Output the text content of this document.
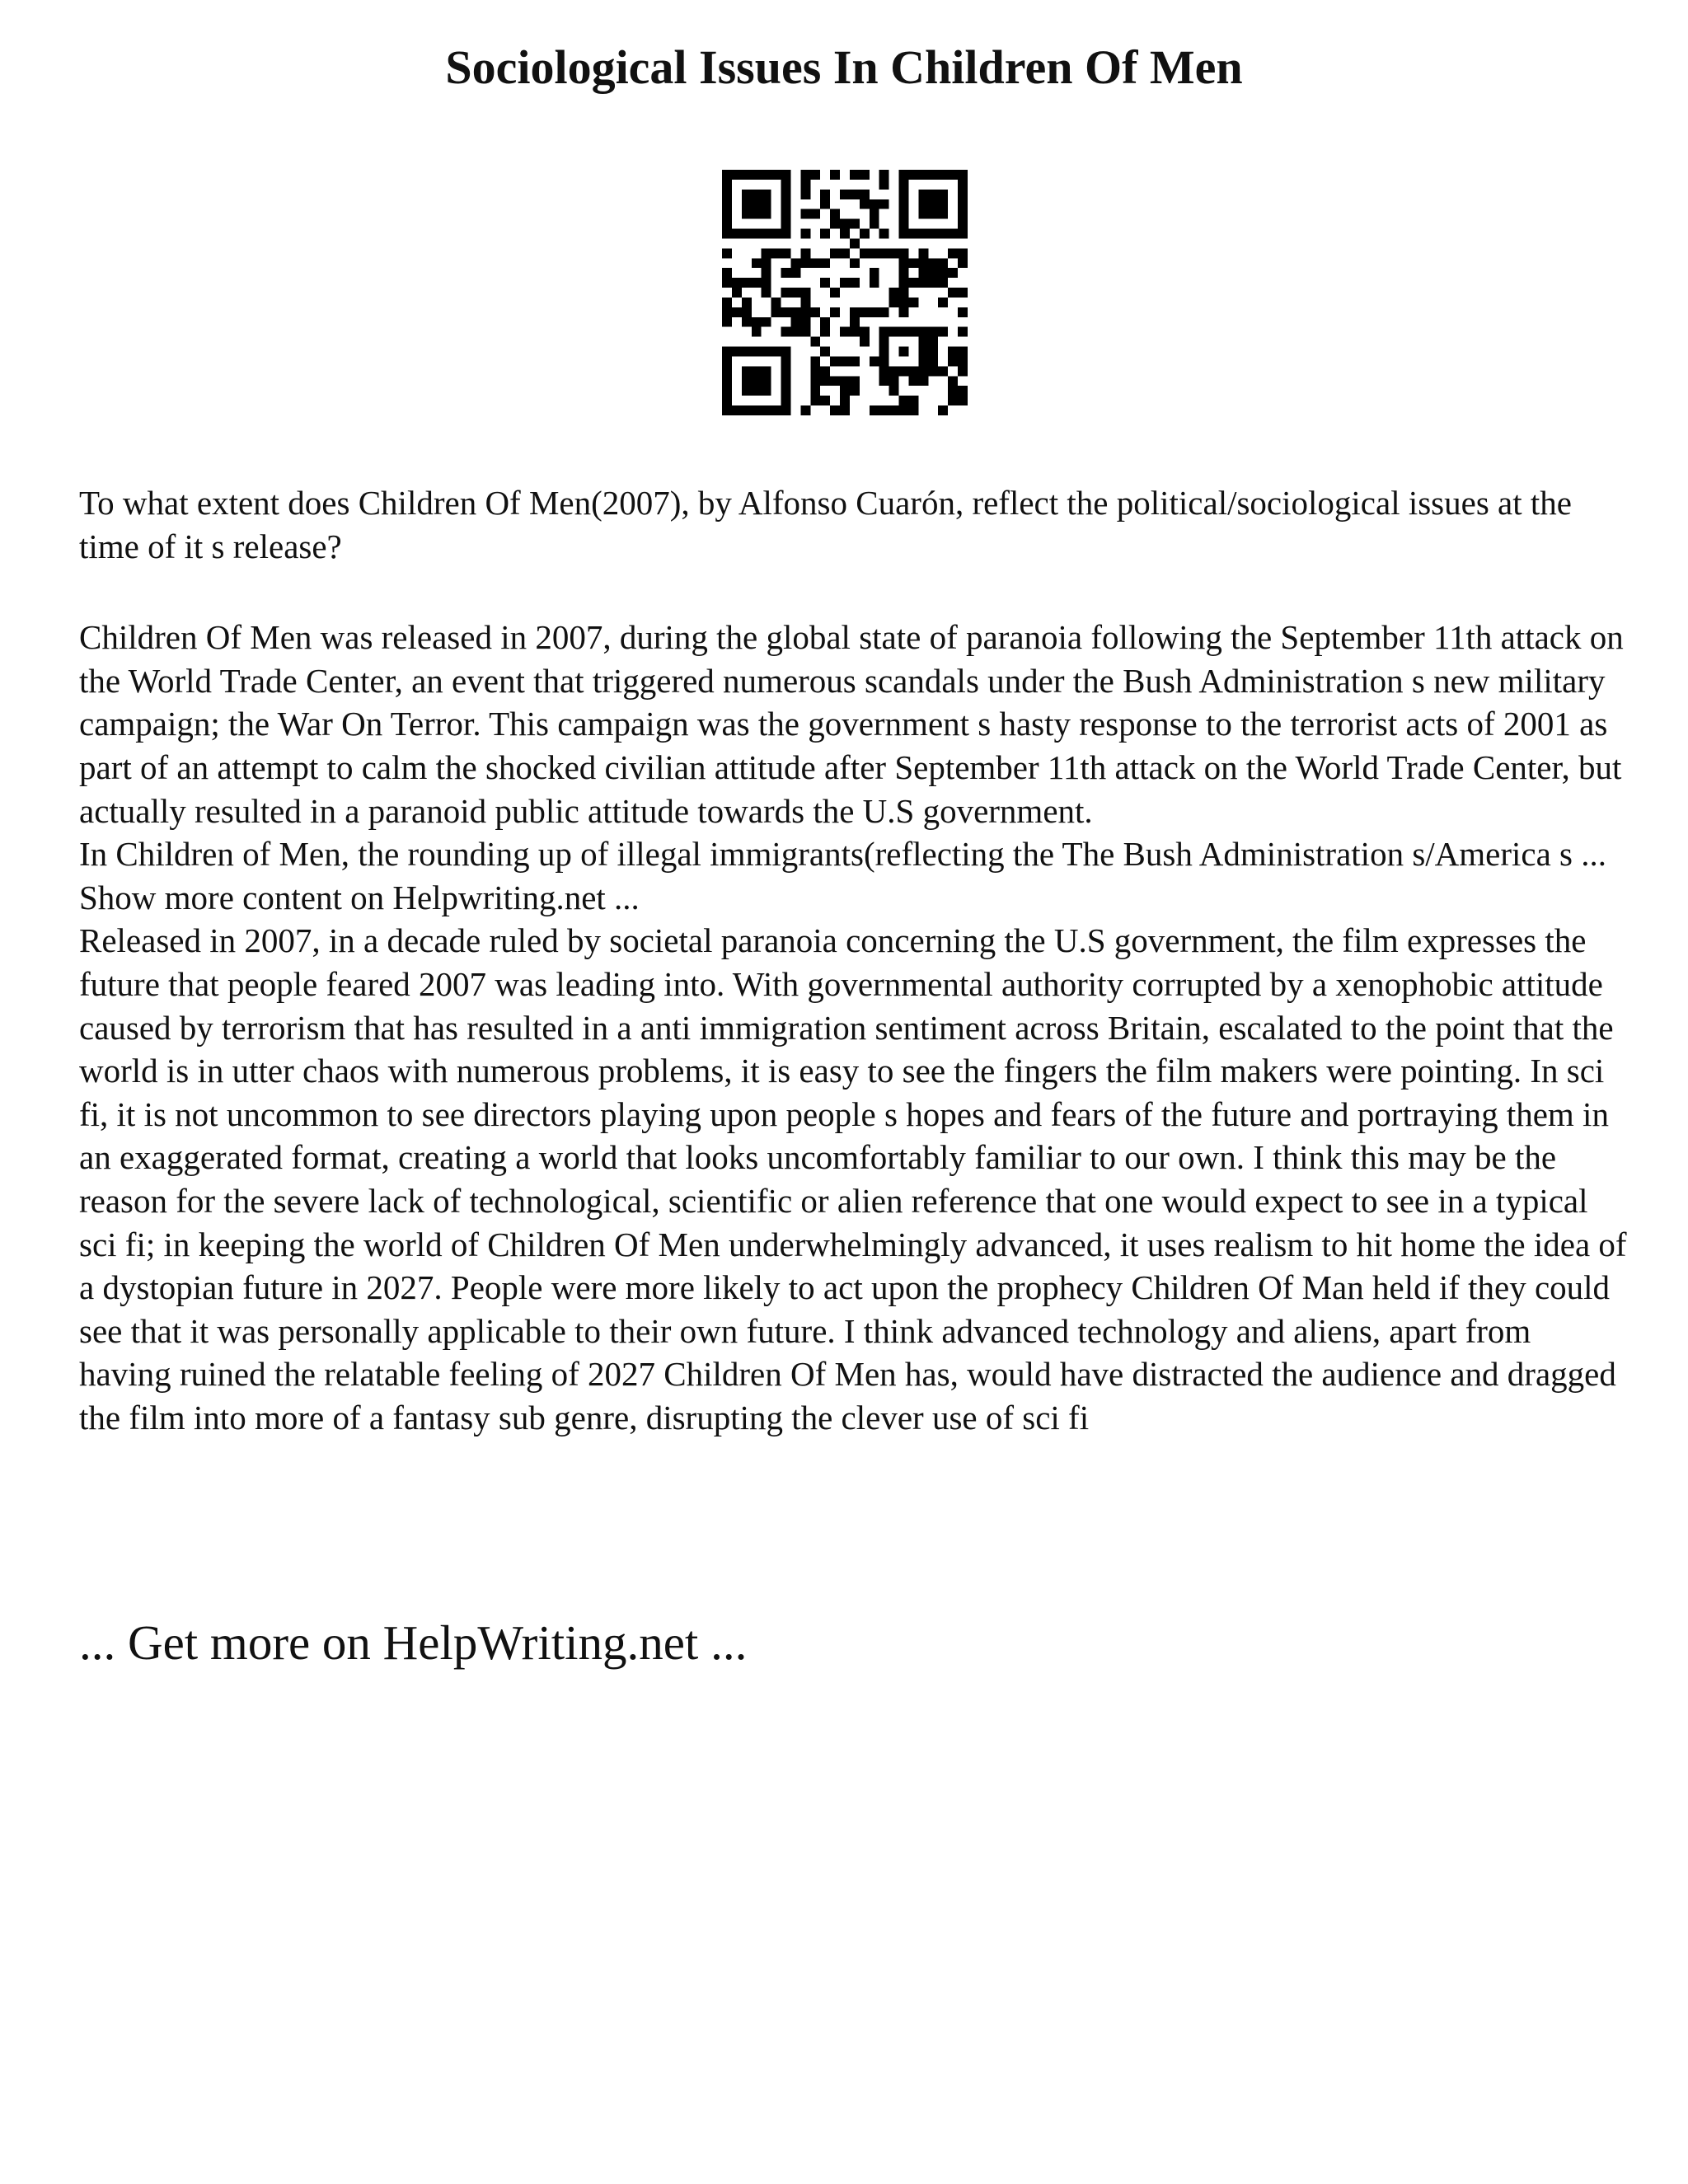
Sociological Issues In Children Of Men

To what extent does Children Of Men(2007), by Alfonso Cuarón, reflect the political/sociological issues at the time of it s release?

Children Of Men was released in 2007, during the global state of paranoia following the September 11th attack on the World Trade Center, an event that triggered numerous scandals under the Bush Administration s new military campaign; the War On Terror. This campaign was the government s hasty response to the terrorist acts of 2001 as part of an attempt to calm the shocked civilian attitude after September 11th attack on the World Trade Center, but actually resulted in a paranoid public attitude towards the U.S government.

In Children of Men, the rounding up of illegal immigrants(reflecting the The Bush Administration s/America s ... Show more content on Helpwriting.net ...

Released in 2007, in a decade ruled by societal paranoia concerning the U.S government, the film expresses the future that people feared 2007 was leading into. With governmental authority corrupted by a xenophobic attitude caused by terrorism that has resulted in a anti immigration sentiment across Britain, escalated to the point that the world is in utter chaos with numerous problems, it is easy to see the fingers the film makers were pointing. In sci fi, it is not uncommon to see directors playing upon people s hopes and fears of the future and portraying them in an exaggerated format, creating a world that looks uncomfortably familiar to our own. I think this may be the reason for the severe lack of technological, scientific or alien reference that one would expect to see in a typical sci fi; in keeping the world of Children Of Men underwhelmingly advanced, it uses realism to hit home the idea of a dystopian future in 2027. People were more likely to act upon the prophecy Children Of Man held if they could see that it was personally applicable to their own future. I think advanced technology and aliens, apart from having ruined the relatable feeling of 2027 Children Of Men has, would have distracted the audience and dragged the film into more of a fantasy sub genre, disrupting the clever use of sci fi

... Get more on HelpWriting.net ...
